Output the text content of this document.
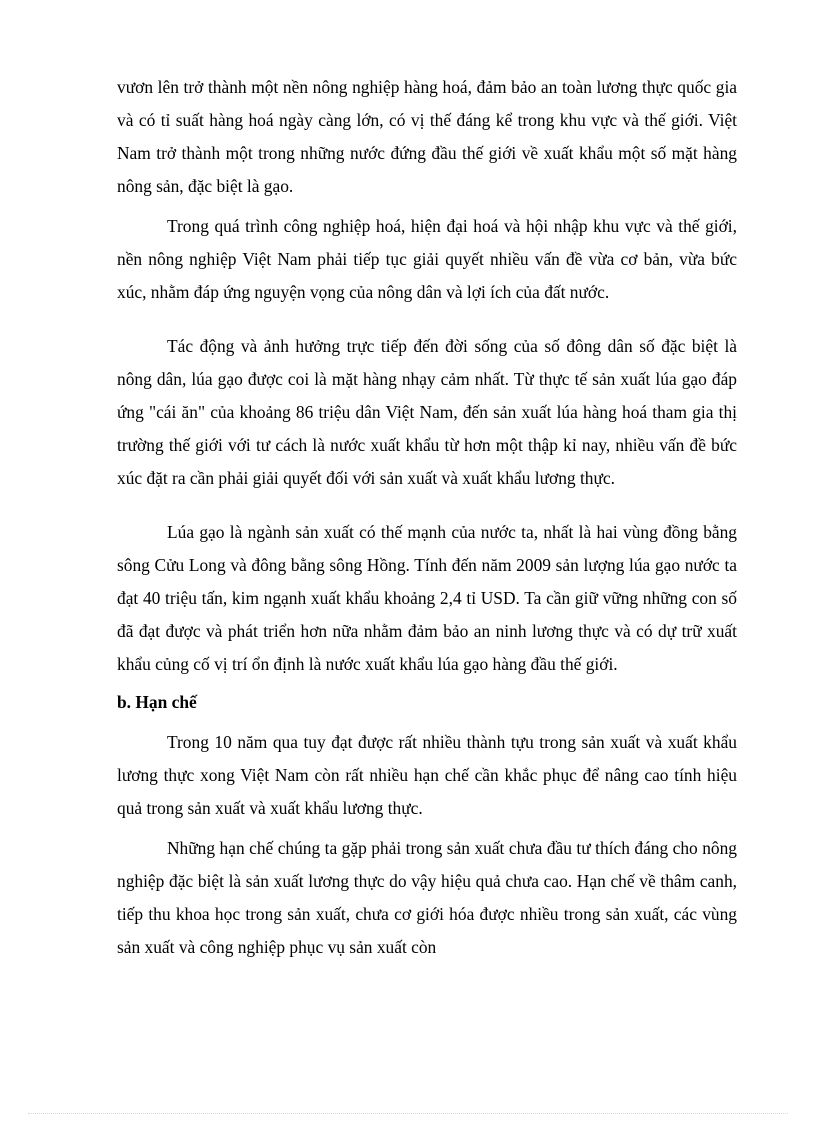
vươn lên trở thành một nền nông nghiệp hàng hoá, đảm bảo an toàn lương thực quốc gia và có tỉ suất hàng hoá ngày càng lớn, có vị thế đáng kể trong khu vực và thế giới. Việt Nam trở thành một trong những nước đứng đầu thế giới về xuất khẩu một số mặt hàng nông sản, đặc biệt là gạo.

Trong quá trình công nghiệp hoá, hiện đại hoá và hội nhập khu vực và thế giới, nền nông nghiệp Việt Nam phải tiếp tục giải quyết nhiều vấn đề vừa cơ bản, vừa bức xúc, nhằm đáp ứng nguyện vọng của nông dân và lợi ích của đất nước.

Tác động và ảnh hưởng trực tiếp đến đời sống của số đông dân số đặc biệt là nông dân, lúa gạo được coi là mặt hàng nhạy cảm nhất. Từ thực tế sản xuất lúa gạo đáp ứng "cái ăn" của khoảng 86 triệu dân Việt Nam, đến sản xuất lúa hàng hoá tham gia thị trường thế giới với tư cách là nước xuất khẩu từ hơn một thập kỉ nay, nhiều vấn đề bức xúc đặt ra cần phải giải quyết đối với sản xuất và xuất khẩu lương thực.

Lúa gạo là ngành sản xuất có thế mạnh của nước ta, nhất là hai vùng đồng bằng sông Cửu Long và đông bằng sông Hồng. Tính đến năm 2009 sản lượng lúa gạo nước ta đạt 40 triệu tấn, kim ngạnh xuất khẩu khoảng 2,4 tỉ USD. Ta cần giữ vững những con số đã đạt được và phát triển hơn nữa nhằm đảm bảo an ninh lương thực và có dự trữ xuất khẩu củng cố vị trí ổn định là nước xuất khẩu lúa gạo hàng đầu thế giới.

b. Hạn chế

Trong 10 năm qua tuy đạt được rất nhiều thành tựu trong sản xuất và xuất khẩu lương thực xong Việt Nam còn rất nhiều hạn chế cần khắc phục để nâng cao tính hiệu quả trong sản xuất và xuất khẩu lương thực.

Những hạn chế chúng ta gặp phải trong sản xuất chưa đầu tư thích đáng cho nông nghiệp đặc biệt là sản xuất lương thực do vậy hiệu quả chưa cao. Hạn chế về thâm canh, tiếp thu khoa học trong sản xuất, chưa cơ giới hóa được nhiều trong sản xuất, các vùng sản xuất và công nghiệp phục vụ sản xuất còn
